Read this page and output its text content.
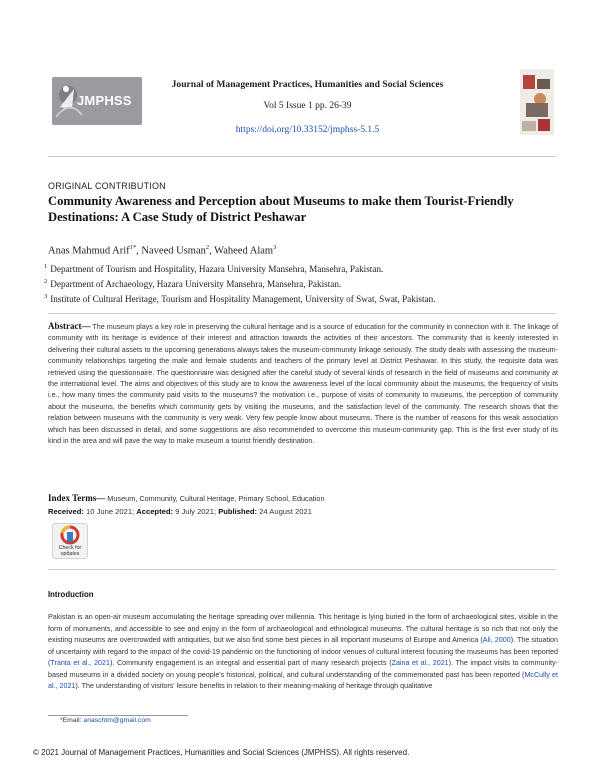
JMPHSS
Journal of Management Practices, Humanities and Social Sciences
Vol 5 Issue 1 pp. 26-39
https://doi.org/10.33152/jmphss-5.1.5
ORIGINAL CONTRIBUTION
Community Awareness and Perception about Museums to make them Tourist-Friendly Destinations: A Case Study of District Peshawar
Anas Mahmud Arif$^{1*}$, Naveed Usman$^2$, Waheed Alam$^3$
$^1$ Department of Tourism and Hospitality, Hazara University Mansehra, Mansehra, Pakistan.
$^2$ Department of Archaeology, Hazara University Mansehra, Mansehra, Pakistan.
$^3$ Institute of Cultural Heritage, Tourism and Hospitality Management, University of Swat, Swat, Pakistan.
Abstract— The museum plays a key role in preserving the cultural heritage and is a source of education for the community in connection with it. The linkage of community with its heritage is evidence of their interest and attraction towards the activities of their ancestors. The community that is keenly interested in delivering their cultural assets to the upcoming generations always takes the museum-community linkage seriously. The study deals with assessing the museum-community relationships targeting the male and female students and teachers of the primary level at District Peshawar. In this study, the requisite data was retrieved using the questionnaire. The questionnaire was designed after the careful study of several kinds of research in the field of museums and community at the international level. The aims and objectives of this study are to know the awareness level of the local community about the museums, the frequency of visits i.e., how many times the community paid visits to the museums? the motivation i.e., purpose of visits of community to museums, the perception of community about the museums, the benefits which community gets by visiting the museums, and the satisfaction level of the community. The research shows that the relation between museums with the community is very weak. Very few people know about museums. There is the number of reasons for this weak association which has been discussed in detail, and some suggestions are also recommended to overcome this museum-community gap. This is the first ever study of its kind in the area and will pave the way to make museum a tourist friendly destination.
Index Terms— Museum, Community, Cultural Heritage, Primary School, Education
Received: 10 June 2021; Accepted: 9 July 2021; Published: 24 August 2021
Check for updates
Introduction
Pakistan is an open-air museum accumulating the heritage spreading over millennia. This heritage is lying buried in the form of archaeological sites, visible in the form of monuments, and accessible to see and enjoy in the form of archaeological and ethnological museums. The cultural heritage is so rich that not only the existing museums are overcrowded with antiquities, but we also find some best pieces in all important museums of Europe and America (Ali, 2000). The situation of uncertainty with regard to the impact of the covid-19 pandemic on the functioning of indoor venues of cultural interest focusing the museums has been reported (Tranta et al., 2021). Community engagement is an integral and essential part of many research projects (Zaina et al., 2021). The impact visits to community-based museums in a divided society on young people's historical, political, and cultural understanding of the commemorated past has been reported (McCully et al., 2021). The understanding of visitors' leisure benefits in relation to their meaning-making of heritage through qualitative
*Email: anaschtm@gmail.com
© 2021 Journal of Management Practices, Humanities and Social Sciences (JMPHSS). All rights reserved.
